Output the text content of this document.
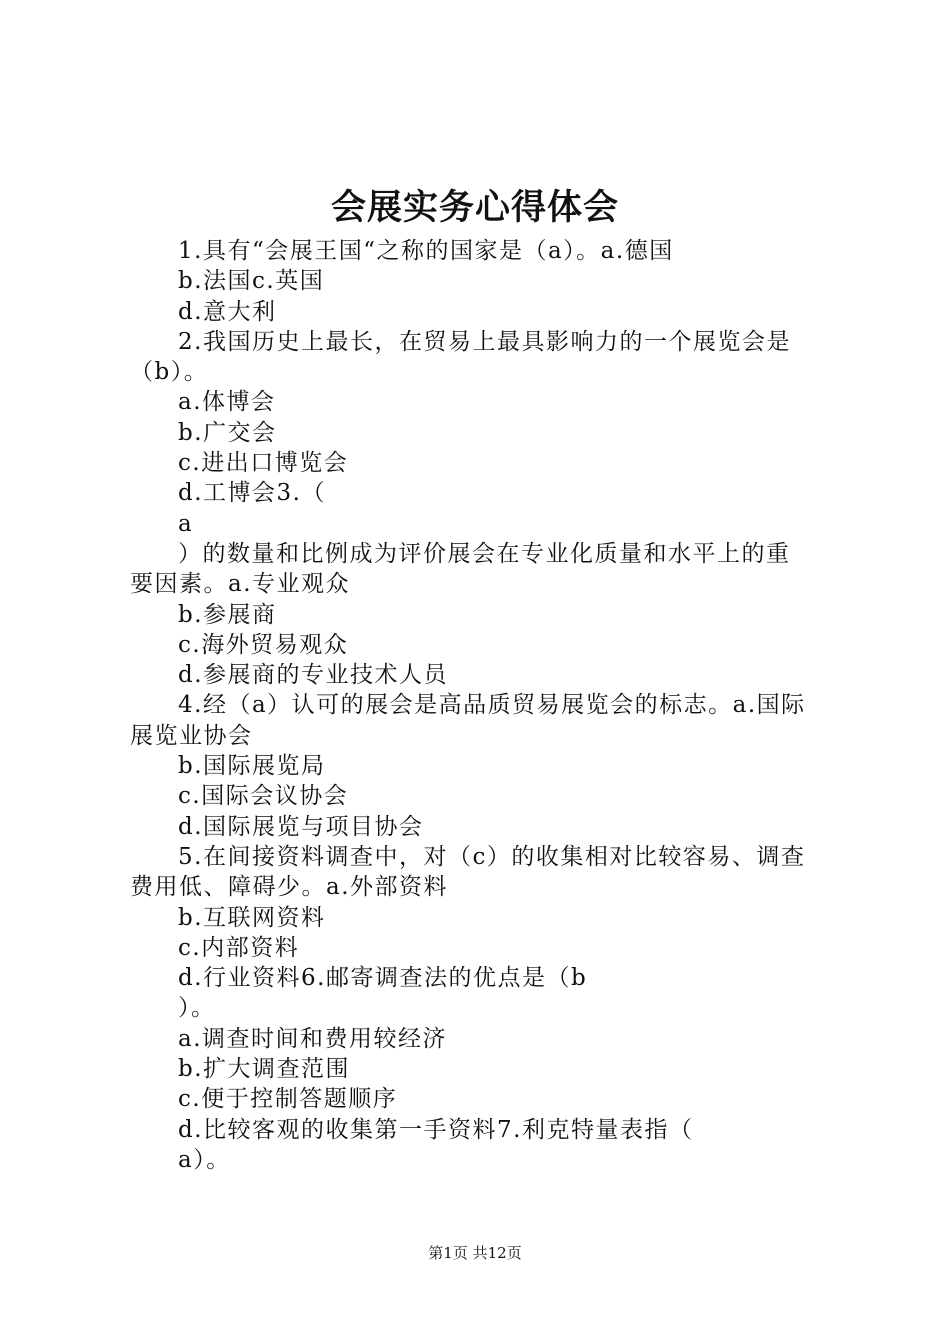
会展实务心得体会
1.具有“会展王国“之称的国家是（a）。a.德国
b.法国c.英国
d.意大利
2.我国历史上最长，在贸易上最具影响力的一个展览会是
（b）。
a.体博会
b.广交会
c.进出口博览会
d.工博会3.（
a
）的数量和比例成为评价展会在专业化质量和水平上的重
要因素。a.专业观众
b.参展商
c.海外贸易观众
d.参展商的专业技术人员
4.经（a）认可的展会是高品质贸易展览会的标志。a.国际
展览业协会
b.国际展览局
c.国际会议协会
d.国际展览与项目协会
5.在间接资料调查中，对（c）的收集相对比较容易、调查
费用低、障碍少。a.外部资料
b.互联网资料
c.内部资料
d.行业资料6.邮寄调查法的优点是（b
）。
a.调查时间和费用较经济
b.扩大调查范围
c.便于控制答题顺序
d.比较客观的收集第一手资料7.利克特量表指（
a）。
第1页 共12页
